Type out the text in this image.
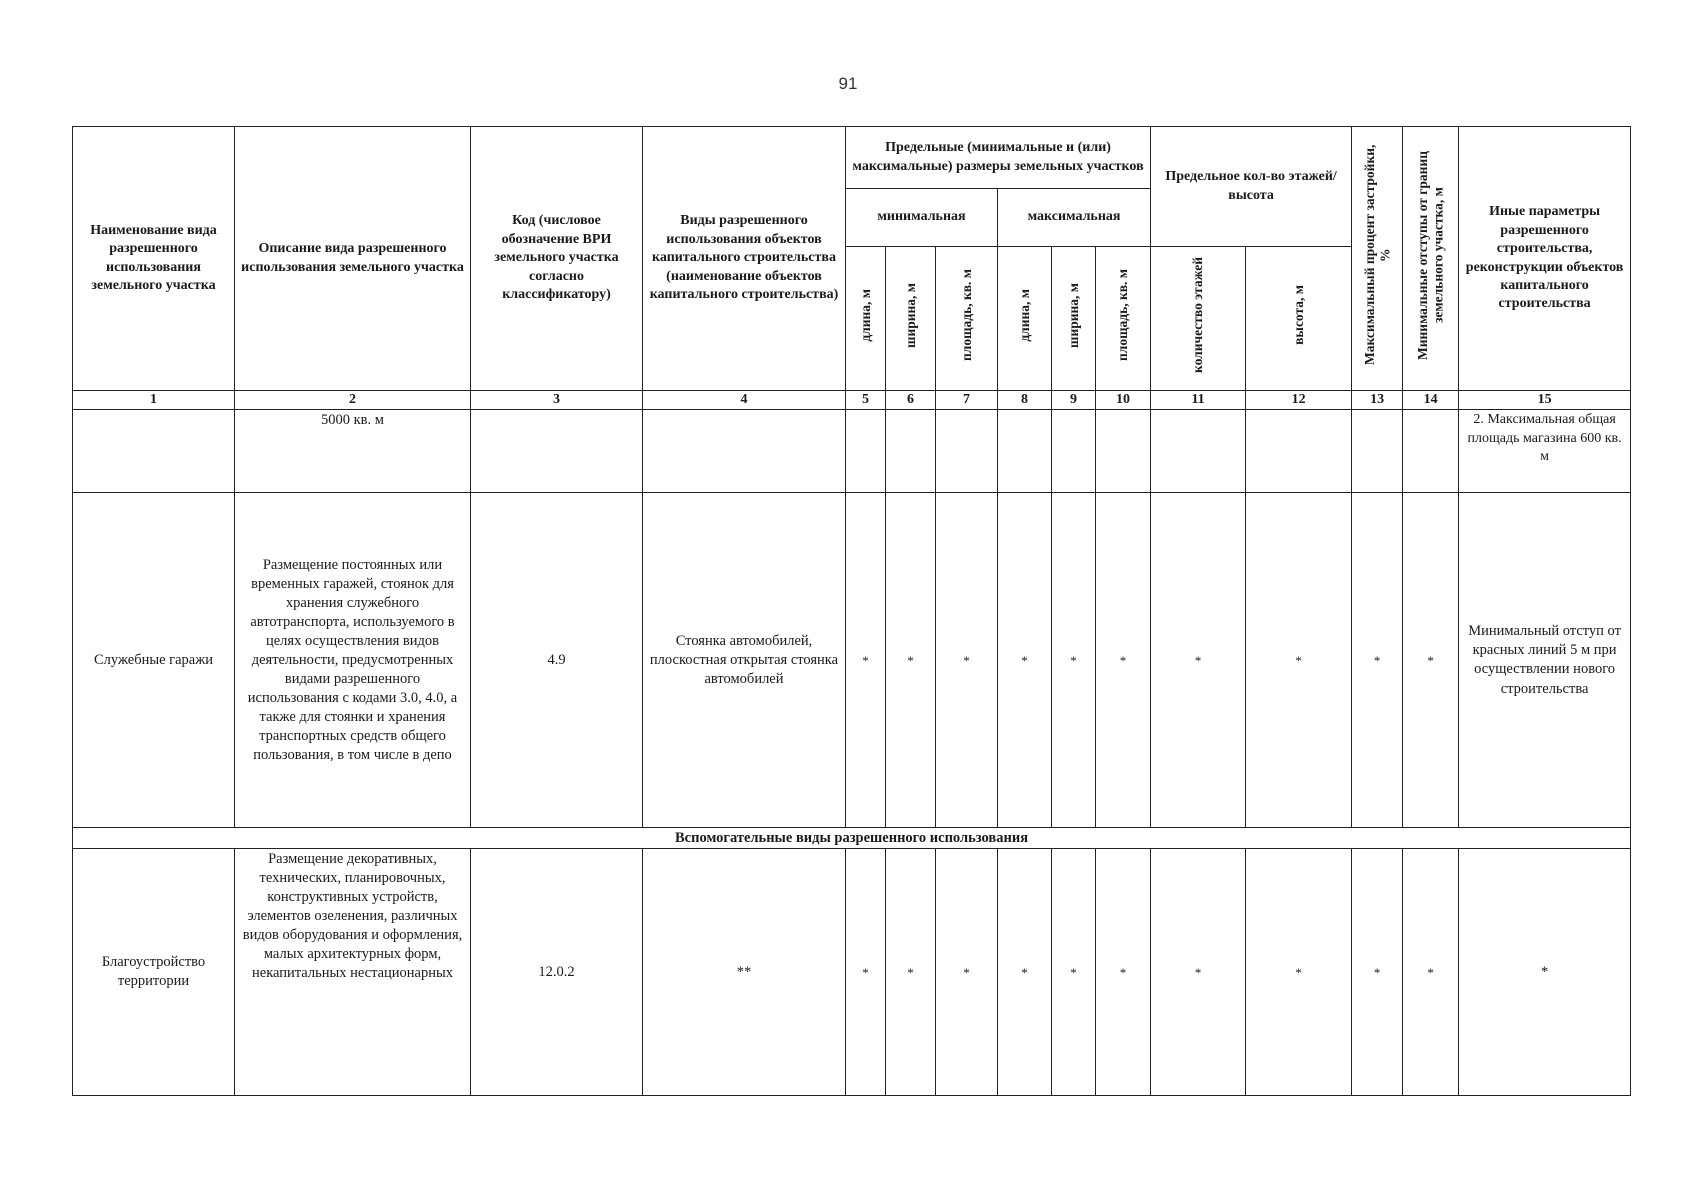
91
Наименование вида разрешенного использования земельного участка	Описание вида разрешенного использования земельного участка	Код (числовое обозначение ВРИ земельного участка согласно классификатору)	Виды разрешенного использования объектов капитального строительства (наименование объектов капитального строительства)	Предельные (минимальные и (или) максимальные) размеры земельных участков						Предельное кол-во этажей/высота		Максимальный процент застройки, %	Минимальные отступы от границ земельного участка, м	Иные параметры разрешенного строительства, реконструкции объектов капитального строительства
				минимальная			максимальная							
				длина, м	ширина, м	площадь, кв. м	длина, м	ширина, м	площадь, кв. м	количество этажей	высота, м			
1	2	3	4	5	6	7	8	9	10	11	12	13	14	15
	5000 кв. м													2. Максимальная общая площадь магазина 600 кв. м
Служебные гаражи	Размещение постоянных или временных гаражей, стоянок для хранения служебного автотранспорта, используемого в целях осуществления видов деятельности, предусмотренных видами разрешенного использования с кодами 3.0, 4.0, а также для стоянки и хранения транспортных средств общего пользования, в том числе в депо	4.9	Стоянка автомобилей, плоскостная открытая стоянка автомобилей	*	*	*	*	*	*	*	*	*	*	Минимальный отступ от красных линий 5 м при осуществлении нового строительства
Вспомогательные виды разрешенного использования														
Благоустройство территории	Размещение декоративных, технических, планировочных, конструктивных устройств, элементов озеленения, различных видов оборудования и оформления, малых архитектурных форм, некапитальных нестационарных	12.0.2	**	*	*	*	*	*	*	*	*	*	*	*
